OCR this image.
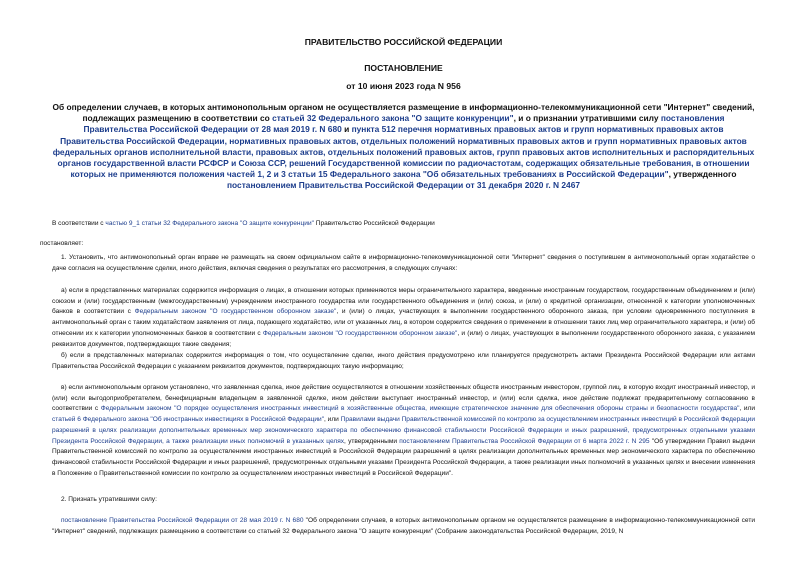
ПРАВИТЕЛЬСТВО РОССИЙСКОЙ ФЕДЕРАЦИИ
ПОСТАНОВЛЕНИЕ
от 10 июня 2023 года N 956
Об определении случаев, в которых антимонопольным органом не осуществляется размещение в информационно-телекоммуникационной сети "Интернет" сведений, подлежащих размещению в соответствии со статьей 32 Федерального закона "О защите конкуренции", и о признании утратившими силу постановления Правительства Российской Федерации от 28 мая 2019 г. N 680 и пункта 512 перечня нормативных правовых актов и групп нормативных правовых актов Правительства Российской Федерации, нормативных правовых актов, отдельных положений нормативных правовых актов и групп нормативных правовых актов федеральных органов исполнительной власти, правовых актов, отдельных положений правовых актов, групп правовых актов исполнительных и распорядительных органов государственной власти РСФСР и Союза ССР, решений Государственной комиссии по радиочастотам, содержащих обязательные требования, в отношении которых не применяются положения частей 1, 2 и 3 статьи 15 Федерального закона "Об обязательных требованиях в Российской Федерации", утвержденного постановлением Правительства Российской Федерации от 31 декабря 2020 г. N 2467
В соответствии с частью 9_1 статьи 32 Федерального закона "О защите конкуренции" Правительство Российской Федерации
постановляет:
1. Установить, что антимонопольный орган вправе не размещать на своем официальном сайте в информационно-телекоммуникационной сети "Интернет" сведения о поступившем в антимонопольный орган ходатайстве о даче согласия на осуществление сделки, иного действия, включая сведения о результатах его рассмотрения, в следующих случаях:
а) если в представленных материалах содержится информация о лицах, в отношении которых применяются меры ограничительного характера, введенные иностранным государством, государственным объединением и (или) союзом и (или) государственным (межгосударственным) учреждением иностранного государства или государственного объединения и (или) союза, и (или) о кредитной организации, отнесенной к категории уполномоченных банков в соответствии с Федеральным законом "О государственном оборонном заказе", и (или) о лицах, участвующих в выполнении государственного оборонного заказа, при условии одновременного поступления в антимонопольный орган с таким ходатайством заявления от лица, подающего ходатайство, или от указанных лиц, в котором содержится сведения о применении в отношении таких лиц мер ограничительного характера, и (или) об отнесении их к категории уполномоченных банков в соответствии с Федеральным законом "О государственном оборонном заказе", и (или) о лицах, участвующих в выполнении государственного оборонного заказа, с указанием реквизитов документов, подтверждающих такие сведения;
б) если в представленных материалах содержится информация о том, что осуществление сделки, иного действия предусмотрено или планируется предусмотреть актами Президента Российской Федерации или актами Правительства Российской Федерации с указанием реквизитов документов, подтверждающих такую информацию;
в) если антимонопольным органом установлено, что заявленная сделка, иное действие осуществляются в отношении хозяйственных обществ иностранным инвестором, группой лиц, в которую входит иностранный инвестор, и (или) если выгодоприобретателем, бенефициарным владельцем в заявленной сделке, ином действии выступает иностранный инвестор, и (или) если сделка, иное действие подлежат предварительному согласованию в соответствии с Федеральным законом "О порядке осуществления иностранных инвестиций в хозяйственные общества, имеющие стратегическое значение для обеспечения обороны страны и безопасности государства", или статьей 6 Федерального закона "Об иностранных инвестициях в Российской Федерации", или Правилами выдачи Правительственной комиссией по контролю за осуществлением иностранных инвестиций в Российской Федерации разрешений в целях реализации дополнительных временных мер экономического характера по обеспечению финансовой стабильности Российской Федерации и иных разрешений, предусмотренных отдельными указами Президента Российской Федерации, а также реализации иных полномочий в указанных целях, утвержденными постановлением Правительства Российской Федерации от 6 марта 2022 г. N 295 "Об утверждении Правил выдачи Правительственной комиссией по контролю за осуществлением иностранных инвестиций в Российской Федерации разрешений в целях реализации дополнительных временных мер экономического характера по обеспечению финансовой стабильности Российской Федерации и иных разрешений, предусмотренных отдельными указами Президента Российской Федерации, а также реализации иных полномочий в указанных целях и внесении изменения в Положение о Правительственной комиссии по контролю за осуществлением иностранных инвестиций в Российской Федерации".
2. Признать утратившими силу:
постановление Правительства Российской Федерации от 28 мая 2019 г. N 680 "Об определении случаев, в которых антимонопольным органом не осуществляется размещение в информационно-телекоммуникационной сети "Интернет" сведений, подлежащих размещению в соответствии со статьей 32 Федерального закона "О защите конкуренции" (Собрание законодательства Российской Федерации, 2019, N
